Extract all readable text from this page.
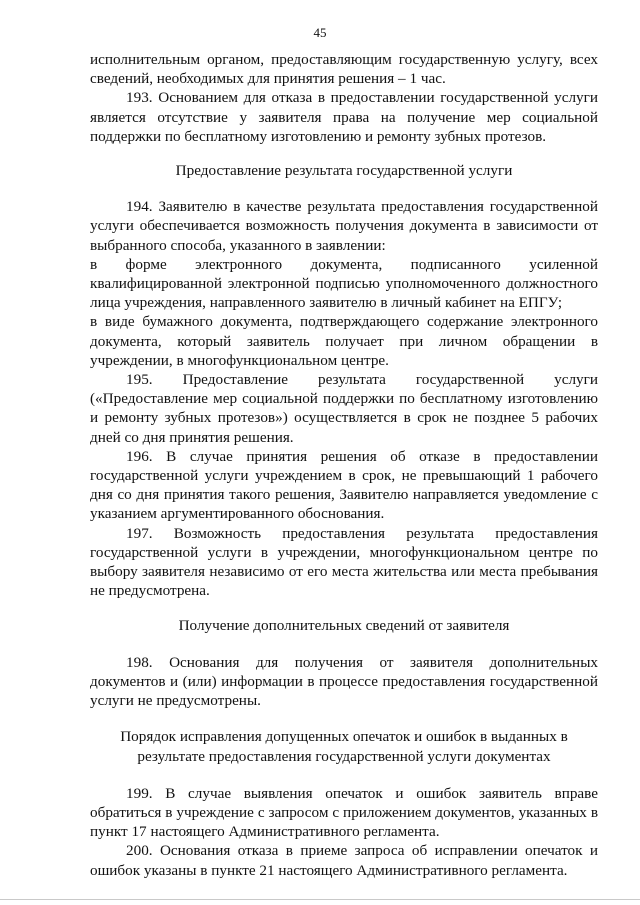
45

исполнительным органом, предоставляющим государственную услугу, всех сведений, необходимых для принятия решения – 1 час.

193. Основанием для отказа в предоставлении государственной услуги является отсутствие у заявителя права на получение мер социальной поддержки по бесплатному изготовлению и ремонту зубных протезов.

Предоставление результата государственной услуги

194. Заявителю в качестве результата предоставления государственной услуги обеспечивается возможность получения документа в зависимости от выбранного способа, указанного в заявлении:

в форме электронного документа, подписанного усиленной квалифицированной электронной подписью уполномоченного должностного лица учреждения, направленного заявителю в личный кабинет на ЕПГУ;

в виде бумажного документа, подтверждающего содержание электронного документа, который заявитель получает при личном обращении в учреждении, в многофункциональном центре.

195. Предоставление результата государственной услуги («Предоставление мер социальной поддержки по бесплатному изготовлению и ремонту зубных протезов») осуществляется в срок не позднее 5 рабочих дней со дня принятия решения.

196. В случае принятия решения об отказе в предоставлении государственной услуги учреждением в срок, не превышающий 1 рабочего дня со дня принятия такого решения, Заявителю направляется уведомление с указанием аргументированного обоснования.

197. Возможность предоставления результата предоставления государственной услуги в учреждении, многофункциональном центре по выбору заявителя независимо от его места жительства или места пребывания не предусмотрена.

Получение дополнительных сведений от заявителя

198. Основания для получения от заявителя дополнительных документов и (или) информации в процессе предоставления государственной услуги не предусмотрены.

Порядок исправления допущенных опечаток и ошибок в выданных в результате предоставления государственной услуги документах

199. В случае выявления опечаток и ошибок заявитель вправе обратиться в учреждение с запросом с приложением документов, указанных в пункт 17 настоящего Административного регламента.

200. Основания отказа в приеме запроса об исправлении опечаток и ошибок указаны в пункте 21 настоящего Административного регламента.
